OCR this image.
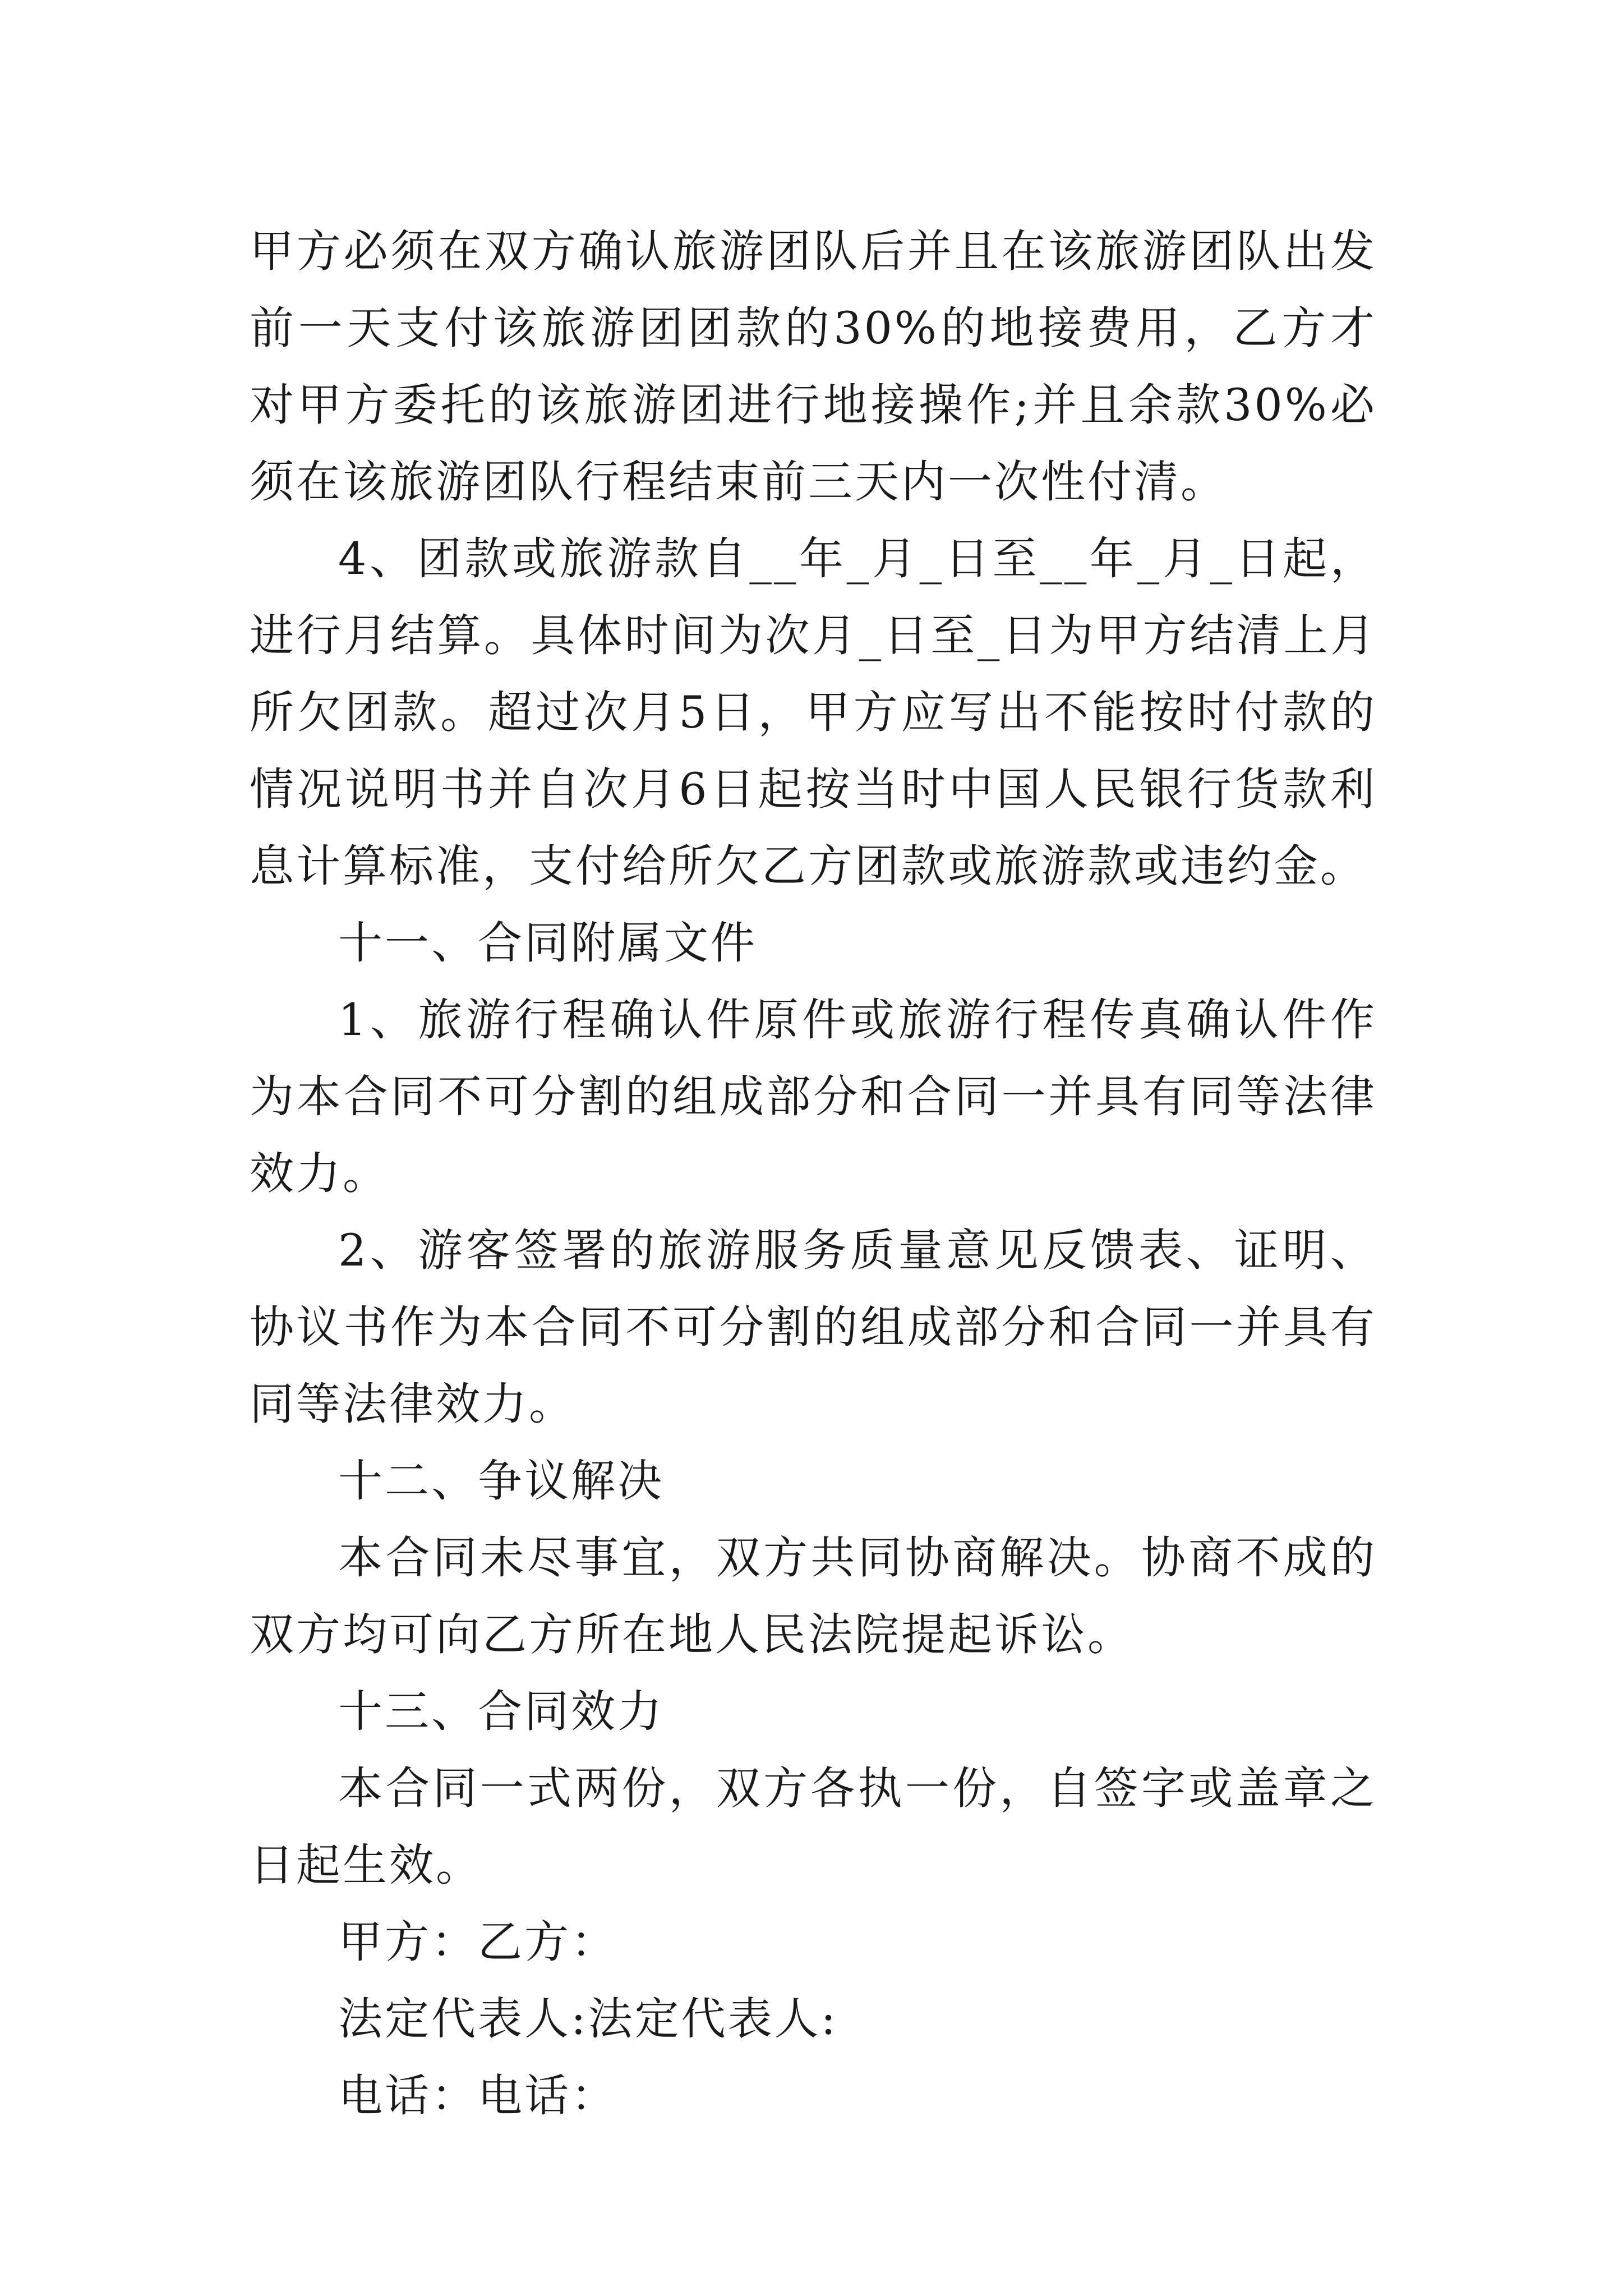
甲方必须在双方确认旅游团队后并且在该旅游团队出发前一天支付该旅游团团款的30%的地接费用，乙方才对甲方委托的该旅游团进行地接操作;并且余款30%必须在该旅游团队行程结束前三天内一次性付清。

4、团款或旅游款自__年_月_日至__年_月_日起，进行月结算。具体时间为次月_日至_日为甲方结清上月所欠团款。超过次月5日，甲方应写出不能按时付款的情况说明书并自次月6日起按当时中国人民银行货款利息计算标准，支付给所欠乙方团款或旅游款或违约金。

十一、合同附属文件

1、旅游行程确认件原件或旅游行程传真确认件作为本合同不可分割的组成部分和合同一并具有同等法律效力。

2、游客签署的旅游服务质量意见反馈表、证明、协议书作为本合同不可分割的组成部分和合同一并具有同等法律效力。

十二、争议解决

本合同未尽事宜，双方共同协商解决。协商不成的双方均可向乙方所在地人民法院提起诉讼。

十三、合同效力

本合同一式两份，双方各执一份，自签字或盖章之日起生效。

甲方：乙方：

法定代表人:法定代表人:

电话：电话：
